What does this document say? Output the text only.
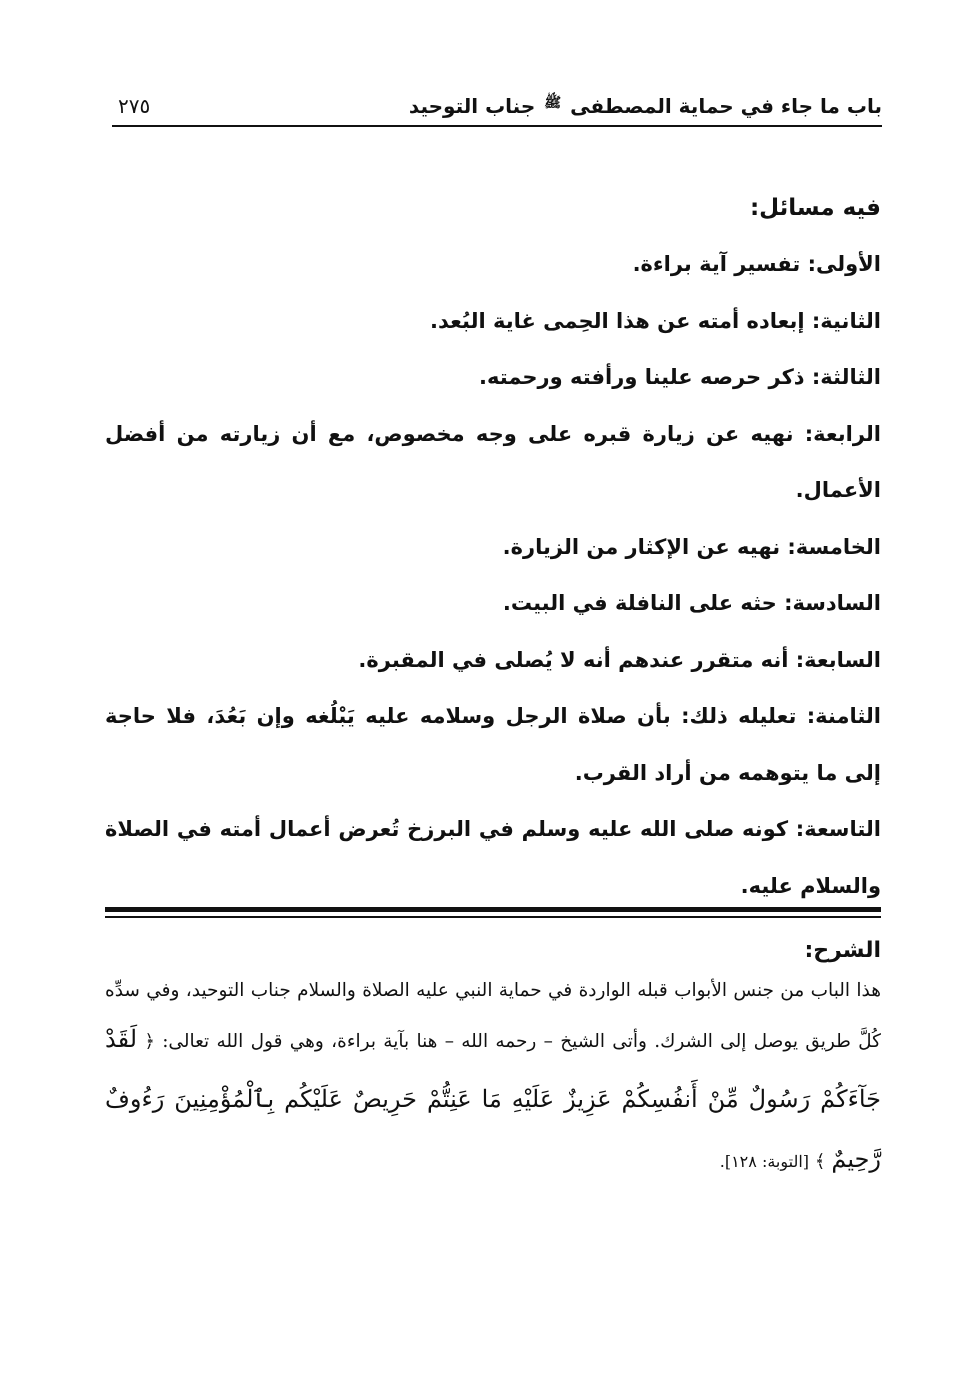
باب ما جاء في حماية المصطفى ﷺ جناب التوحيد
٢٧٥
فيه مسائل:
الأولى: تفسير آية براءة.
الثانية: إبعاده أمته عن هذا الحِمى غاية البُعد.
الثالثة: ذكر حرصه علينا ورأفته ورحمته.
الرابعة: نهيه عن زيارة قبره على وجه مخصوص، مع أن زيارته من أفضل الأعمال.
الخامسة: نهيه عن الإكثار من الزيارة.
السادسة: حثه على النافلة في البيت.
السابعة: أنه متقرر عندهم أنه لا يُصلى في المقبرة.
الثامنة: تعليله ذلك: بأن صلاة الرجل وسلامه عليه يَبْلُغه وإن بَعُدَ، فلا حاجة إلى ما يتوهمه من أراد القرب.
التاسعة: كونه صلى الله عليه وسلم في البرزخ تُعرض أعمال أمته في الصلاة والسلام عليه.
الشرح:
هذا الباب من جنس الأبواب قبله الواردة في حماية النبي عليه الصلاة والسلام جناب التوحيد، وفي سدِّه كُلَّ طريق يوصل إلى الشرك. وأتى الشيخ – رحمه الله – هنا بآية براءة، وهي قول الله تعالى: ﴿ لَقَدْ جَآءَكُمْ رَسُولٌ مِّنْ أَنفُسِكُمْ عَزِيزٌ عَلَيْهِ مَا عَنِتُّمْ حَرِيصٌ عَلَيْكُم بِٱلْمُؤْمِنِينَ رَءُوفٌ رَّحِيمٌ ﴾ [التوبة: ١٢٨].
